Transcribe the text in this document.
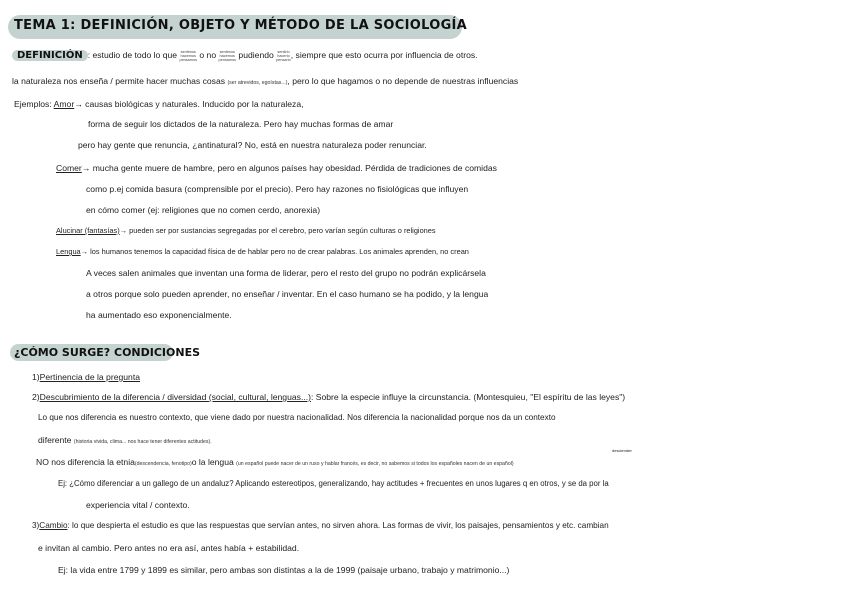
TEMA 1: DEFINICIÓN, OBJETO Y MÉTODO DE LA SOCIOLOGÍA
DEFINICIÓN : estudio de todo lo que sentimos
hacemos
pensamos o no sentimos
hacemos
pensamos pudiendo sentirlo
hacerlo
pensarlo, siempre que esto ocurra por influencia de otros.
la naturaleza nos enseña / permite hacer muchas cosas (ser atrevidos, egoístas...), pero lo que hagamos o no depende de nuestras influencias
Ejemplos: Amor→ causas biológicas y naturales. Inducido por la naturaleza,
forma de seguir los dictados de la naturaleza. Pero hay muchas formas de amar
pero hay gente que renuncia, ¿antinatural? No, está en nuestra naturaleza poder renunciar.
Comer→ mucha gente muere de hambre, pero en algunos países hay obesidad. Pérdida de tradiciones de comidas
como p.ej comida basura (comprensible por el precio). Pero hay razones no fisiológicas que influyen
en cómo comer (ej: religiones que no comen cerdo, anorexia)
Alucinar (fantasías)→ pueden ser por sustancias segregadas por el cerebro, pero varían según culturas o religiones
Lengua→ los humanos tenemos la capacidad física de de hablar pero no de crear palabras. Los animales aprenden, no crean
A veces salen animales que inventan una forma de liderar, pero el resto del grupo no podrán explicársela
a otros porque solo pueden aprender, no enseñar / inventar. En el caso humano se ha podido, y la lengua
ha aumentado eso exponencialmente.
¿CÓMO SURGE? CONDICIONES
1)Pertinencia de la pregunta
2)Descubrimiento de la diferencia / diversidad (social, cultural, lenguas...): Sobre la especie influye la circunstancia. (Montesquieu, "El espíritu de las leyes")
Lo que nos diferencia es nuestro contexto, que viene dado por nuestra nacionalidad. Nos diferencia la nacionalidad porque nos da un contexto
diferente (historia vivida, clima... nos hace tener diferentes actitudes).
descienden
NO nos diferencia la etnia(descendencia, fenotipo)o la lengua (un español puede nacer de un ruso y hablar francés, es decir, no sabemos si todos los españoles nacen de un español)
Ej: ¿Cómo diferenciar a un gallego de un andaluz? Aplicando estereotipos, generalizando, hay actitudes + frecuentes en unos lugares q en otros, y se da por la
experiencia vital / contexto.
3)Cambio: lo que despierta el estudio es que las respuestas que servían antes, no sirven ahora. Las formas de vivir, los paisajes, pensamientos y etc. cambian
e invitan al cambio. Pero antes no era así, antes había + estabilidad.
Ej: la vida entre 1799 y 1899 es similar, pero ambas son distintas a la de 1999 (paisaje urbano, trabajo y matrimonio...)
